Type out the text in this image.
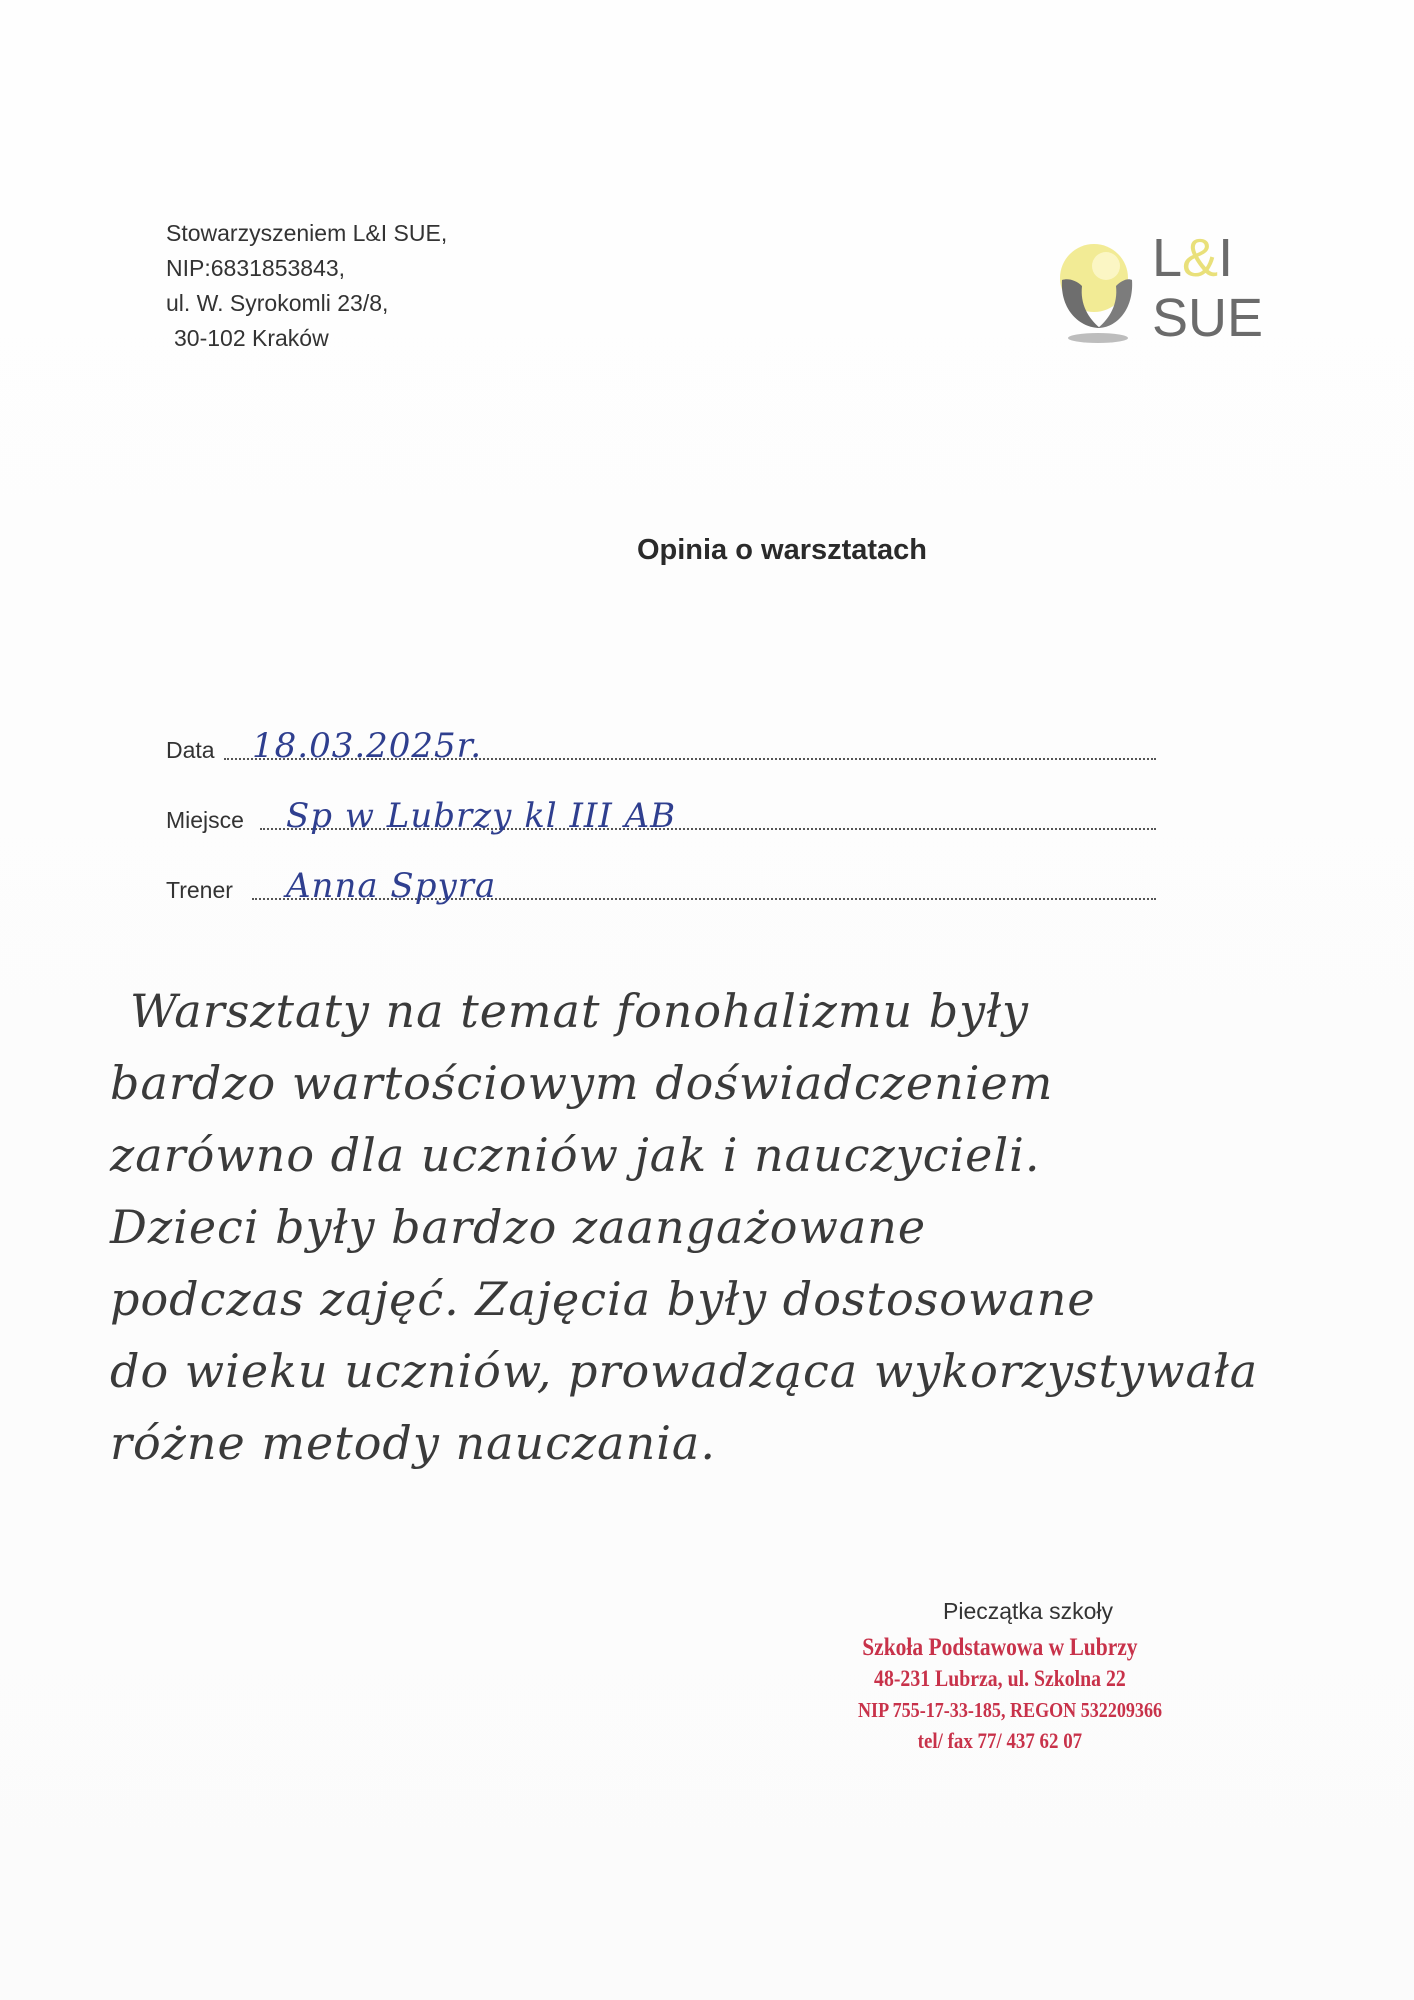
Stowarzyszeniem L&I SUE,
NIP:6831853843,
ul. W. Syrokomli 23/8,
30-102 Kraków
L&I
SUE
Opinia o warsztatach
Data 18.03.2025r.
Miejsce Sp w Lubrzy kl III AB
Trener Anna Spyra
Warsztaty na temat fonohalizmu były
bardzo wartościowym doświadczeniem
zarówno dla uczniów jak i nauczycieli.
Dzieci były bardzo zaangażowane
podczas zajęć. Zajęcia były dostosowane
do wieku uczniów, prowadząca wykorzystywała
różne metody nauczania.
Pieczątka szkoły
Szkoła Podstawowa w Lubrzy
48-231 Lubrza, ul. Szkolna 22
NIP 755-17-33-185, REGON 532209366
tel/ fax 77/ 437 62 07
